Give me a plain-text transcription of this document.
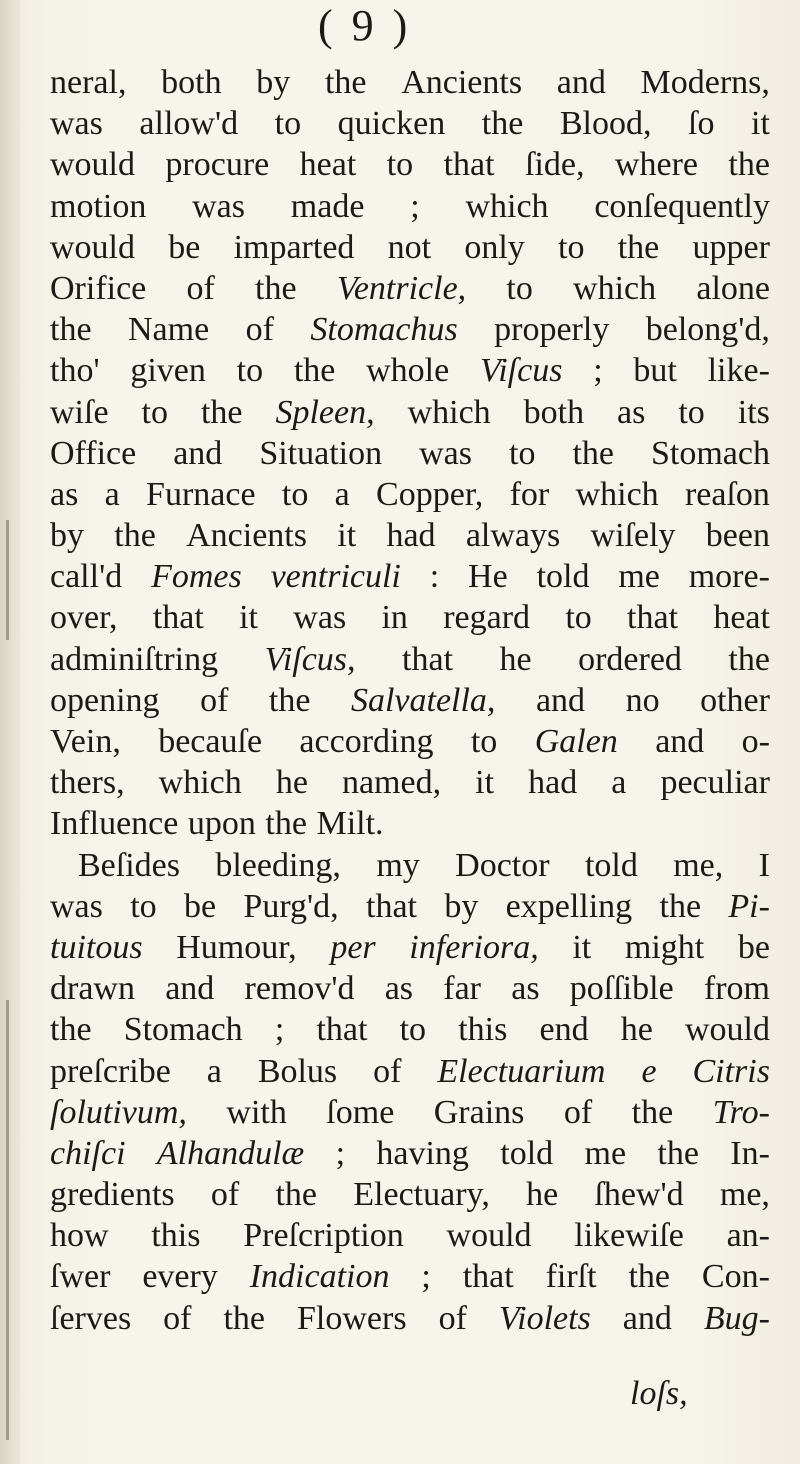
( 9 )
neral, both by the Ancients and Moderns,
was allow'd to quicken the Blood, ſo it
would procure heat to that ſide, where the
motion was made ; which conſequently
would be imparted not only to the upper
Orifice of the Ventricle, to which alone
the Name of Stomachus properly belong'd,
tho' given to the whole Viſcus ; but like-
wiſe to the Spleen, which both as to its
Office and Situation was to the Stomach
as a Furnace to a Copper, for which reaſon
by the Ancients it had always wiſely been
call'd Fomes ventriculi : He told me more-
over, that it was in regard to that heat
adminiſtring Viſcus, that he ordered the
opening of the Salvatella, and no other
Vein, becauſe according to Galen and o-
thers, which he named, it had a peculiar
Influence upon the Milt.
Beſides bleeding, my Doctor told me, I
was to be Purg'd, that by expelling the Pi-
tuitous Humour, per inferiora, it might be
drawn and remov'd as far as poſſible from
the Stomach ; that to this end he would
preſcribe a Bolus of Electuarium e Citris
ſolutivum, with ſome Grains of the Tro-
chiſci Alhandulæ ; having told me the In-
gredients of the Electuary, he ſhew'd me,
how this Preſcription would likewiſe an-
ſwer every Indication ; that firſt the Con-
ſerves of the Flowers of Violets and Bug-
loſs,
